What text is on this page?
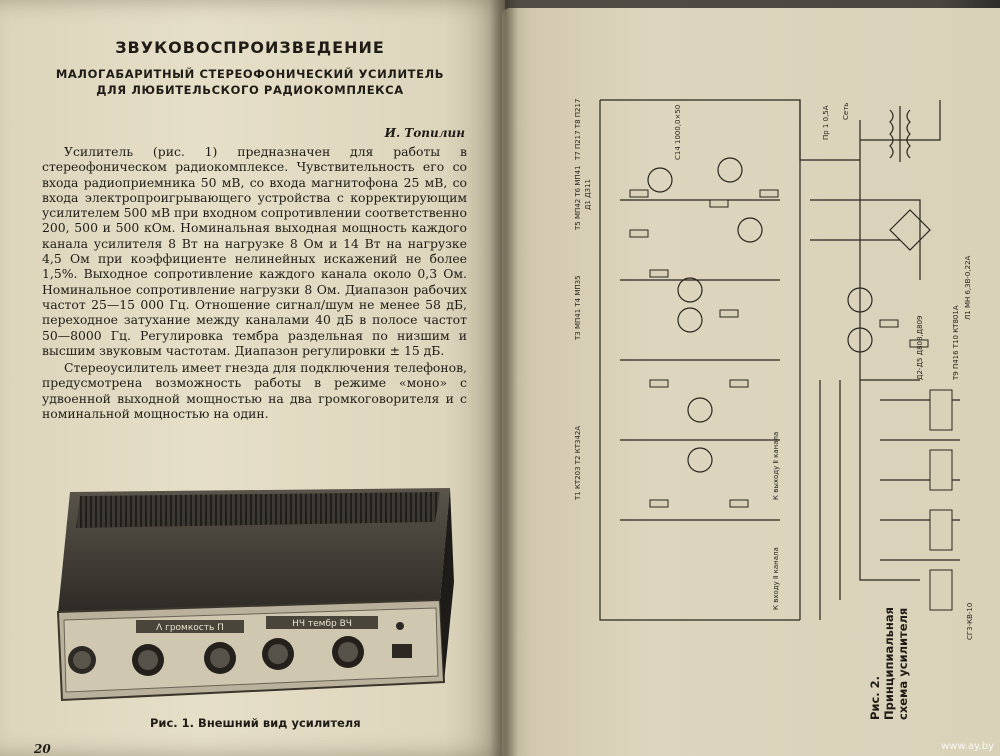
ЗВУКОВОСПРОИЗВЕДЕНИЕ
МАЛОГАБАРИТНЫЙ СТЕРЕОФОНИЧЕСКИЙ УСИЛИТЕЛЬ
ДЛЯ ЛЮБИТЕЛЬСКОГО РАДИОКОМПЛЕКСА
И. Топилин

Усилитель (рис. 1) предназначен для работы в стереофоническом радиокомплексе. Чувствительность его со входа радиоприемника 50 мВ, со входа магнитофона 25 мВ, со входа электропроигрывающего устройства с корректирующим усилителем 500 мВ при входном сопротивлении соответственно 200, 500 и 500 кОм. Номинальная выходная мощность каждого канала усилителя 8 Вт на нагрузке 8 Ом и 14 Вт на нагрузке 4,5 Ом при коэффициенте нелинейных искажений не более 1,5%. Выходное сопротивление каждого канала около 0,3 Ом. Номинальное сопротивление нагрузки 8 Ом. Диапазон рабочих частот 25—15 000 Гц. Отношение сигнал/шум не менее 58 дБ, переходное затухание между каналами 40 дБ в полосе частот 50—8000 Гц. Регулировка тембра раздельная по низшим и высшим звуковым частотам. Диапазон регулировки ± 15 дБ.

Стереоусилитель имеет гнезда для подключения телефонов, предусмотрена возможность работы в режиме «моно» с удвоенной выходной мощностью на два громкоговорителя и с номинальной мощностью на один.

Λ громкость Π	НЧ тембр ВЧ
Рис. 1. Внешний вид усилителя
20
Т1 КТ203 Т2 КТ342А
Т3 МП41 Т4 МП35
Т5 МП42 Т6 МП41 Д1 Д311
Т7 П217 Т8 П217	С14 1000,0×50	Пр 1 0,5А Сеть
К выходу Ⅱ канала
К входу Ⅱ канала
Л1 МН 6,3В-0,22А
Т9 П416 Т10 КТ801А
Д2-Д5 Д808,Д809
СГ3-КВ-10
Рис. 2. Принципиальная схема усилителя
www.ay.by
